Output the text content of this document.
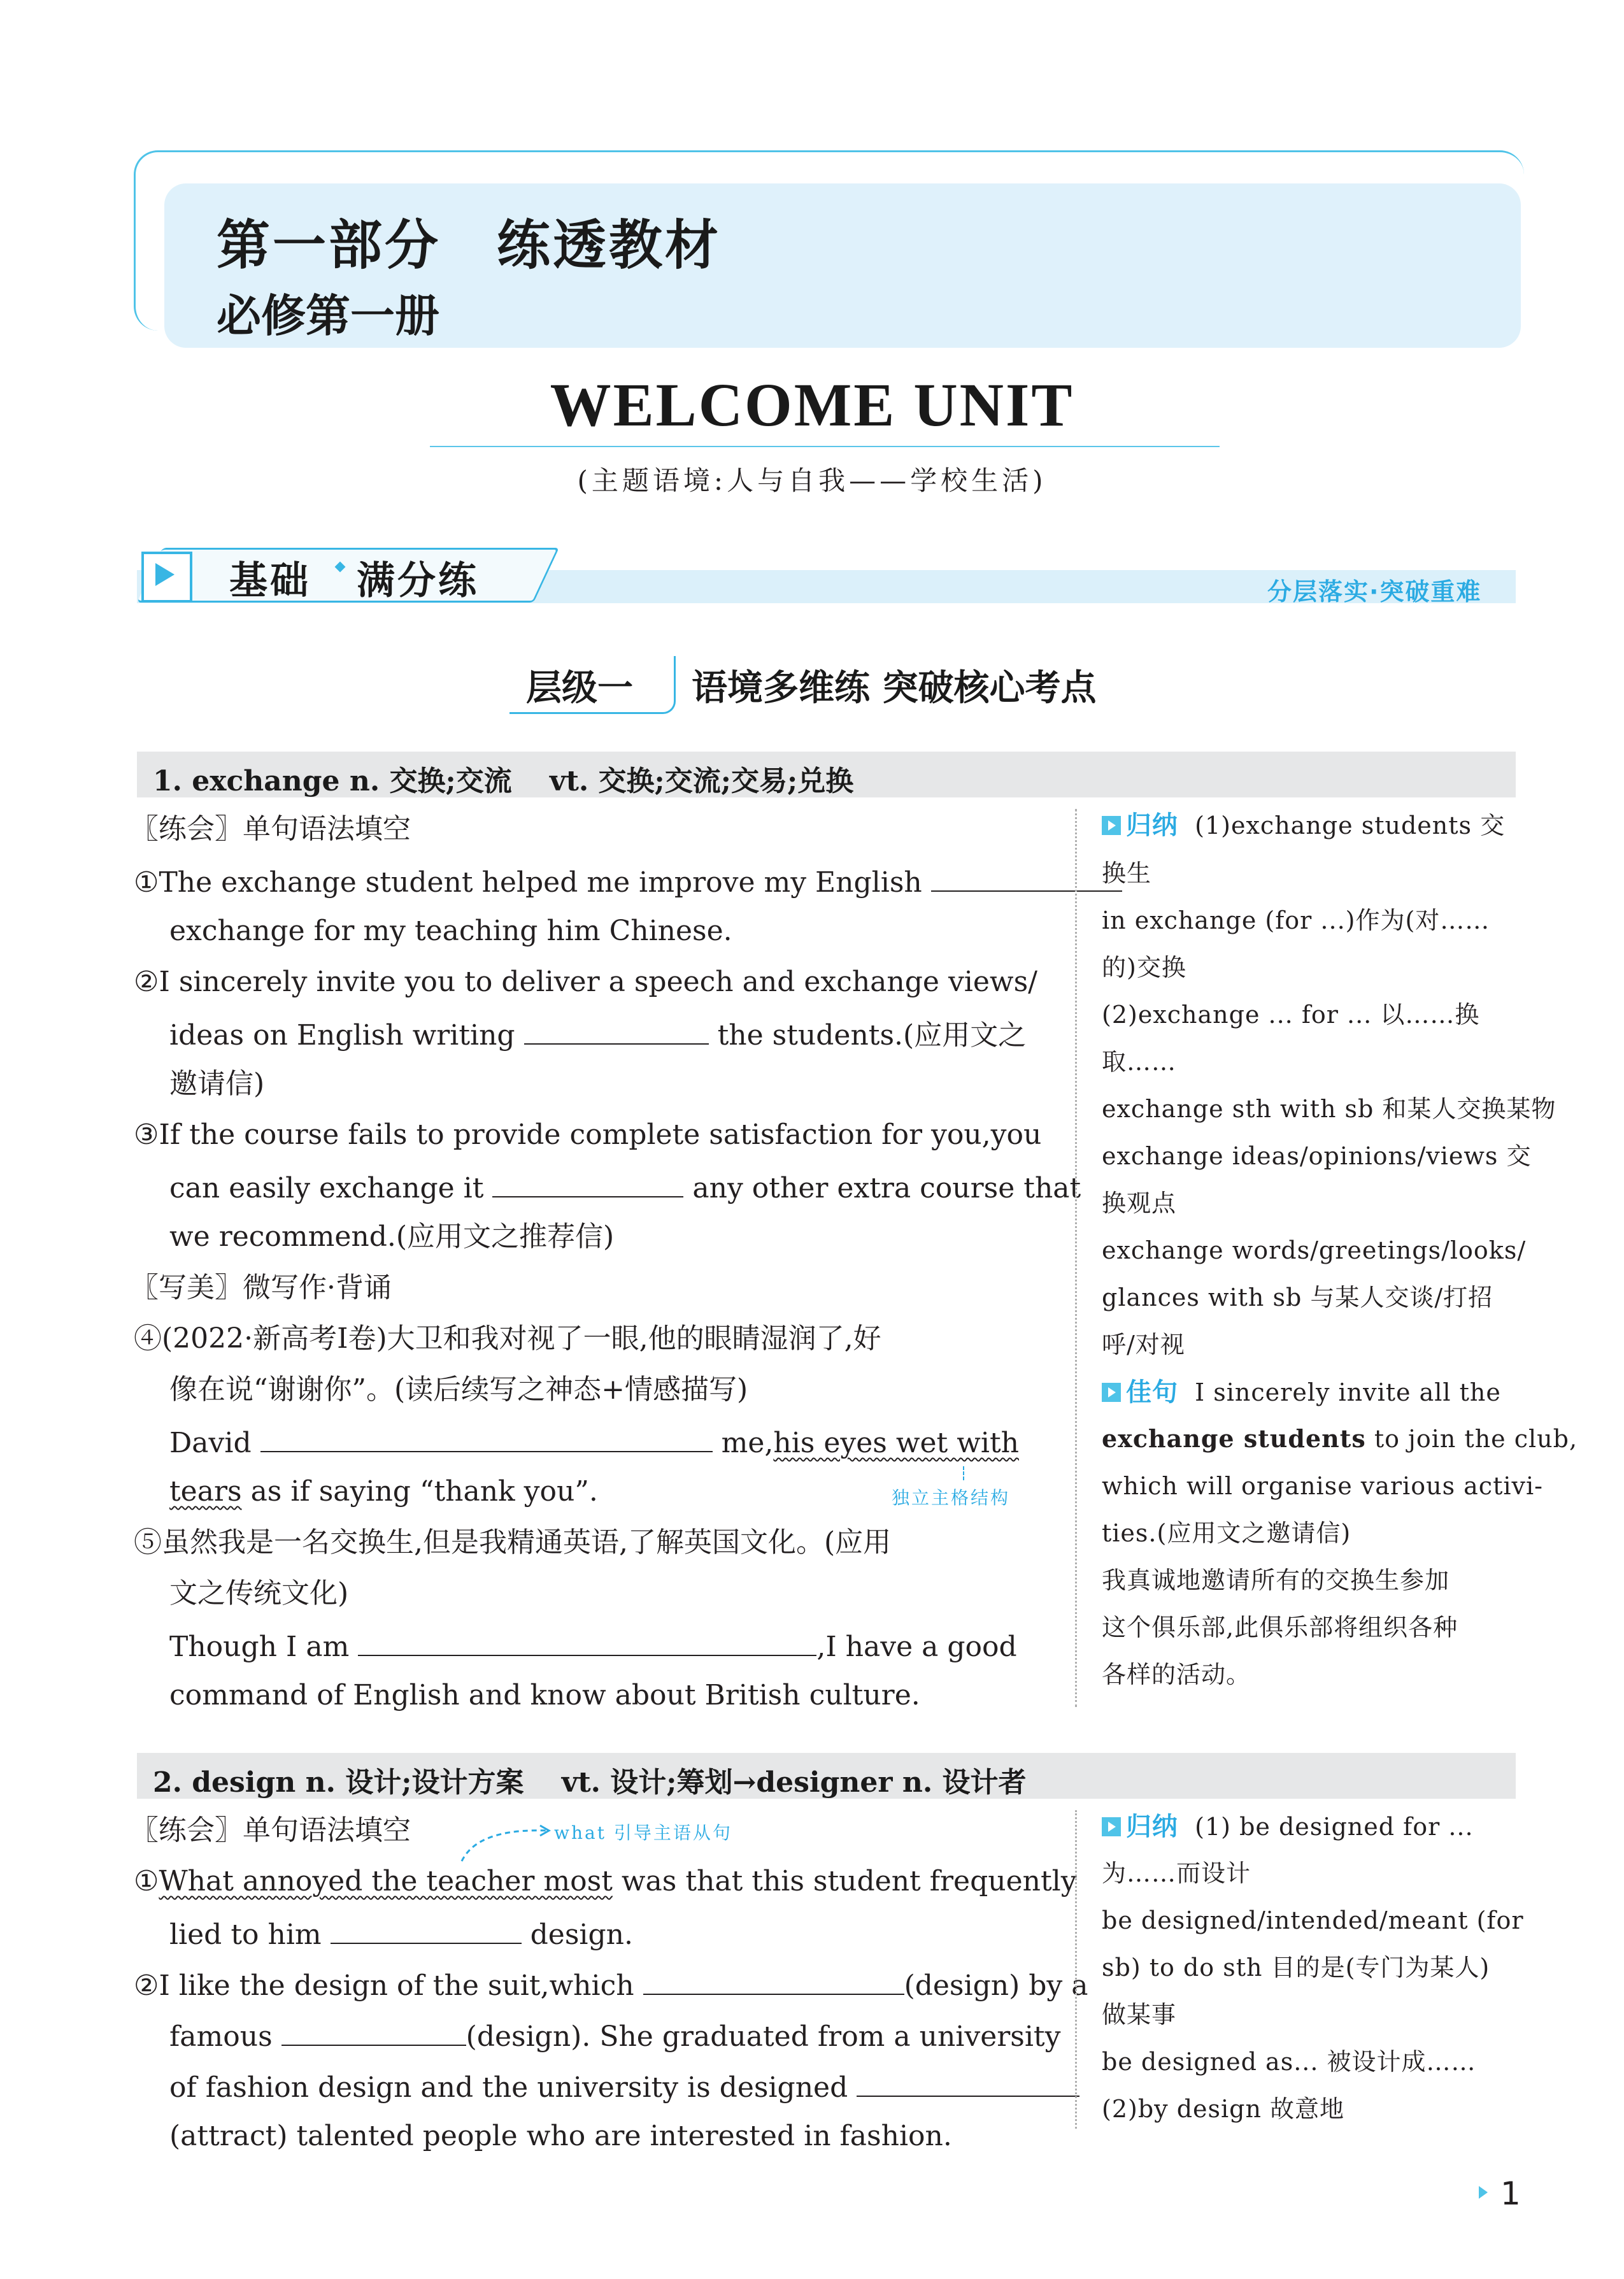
第一部分　练透教材
必修第一册
WELCOME UNIT
(主题语境:人与自我——学校生活)
基础 满分练	分层落实·突破重难
层级一 语境多维练 突破核心考点
1. exchange n. 交换;交流　 vt. 交换;交流;交易;兑换
〖练会〗单句语法填空
①The exchange student helped me improve my English
exchange for my teaching him Chinese.
②I sincerely invite you to deliver a speech and exchange views/
ideas on English writing	the students.(应用文之
邀请信)
③If the course fails to provide complete satisfaction for you,you
can easily exchange it	any other extra course that
we recommend.(应用文之推荐信)
〖写美〗微写作·背诵
④(2022·新高考Ⅰ卷)大卫和我对视了一眼,他的眼睛湿润了,好
像在说“谢谢你”。(读后续写之神态+情感描写)
David	me,his eyes wet with
tears as if saying “thank you”.	独立主格结构
⑤虽然我是一名交换生,但是我精通英语,了解英国文化。(应用
文之传统文化)
Though I am	,I have a good
command of English and know about British culture.
归纳 (1)exchange students 交
换生
in exchange (for ...)作为(对……
的)交换
(2)exchange ... for ... 以……换
取……
exchange sth with sb 和某人交换某物
exchange ideas/opinions/views 交
换观点
exchange words/greetings/looks/
glances with sb 与某人交谈/打招
呼/对视
佳句 I sincerely invite all the
exchange students to join the club,
which will organise various activi-
ties.(应用文之邀请信)
我真诚地邀请所有的交换生参加
这个俱乐部,此俱乐部将组织各种
各样的活动。
2. design n. 设计;设计方案　 vt. 设计;筹划→designer n. 设计者
〖练会〗单句语法填空	what 引导主语从句
①What annoyed the teacher most was that this student frequently
lied to him	design.
②I like the design of the suit,which	(design) by a
famous	(design). She graduated from a university
of fashion design and the university is designed
(attract) talented people who are interested in fashion.
归纳 (1) be designed for ...
为……而设计
be designed/intended/meant (for
sb) to do sth 目的是(专门为某人)
做某事
be designed as... 被设计成……
(2)by design 故意地
1
